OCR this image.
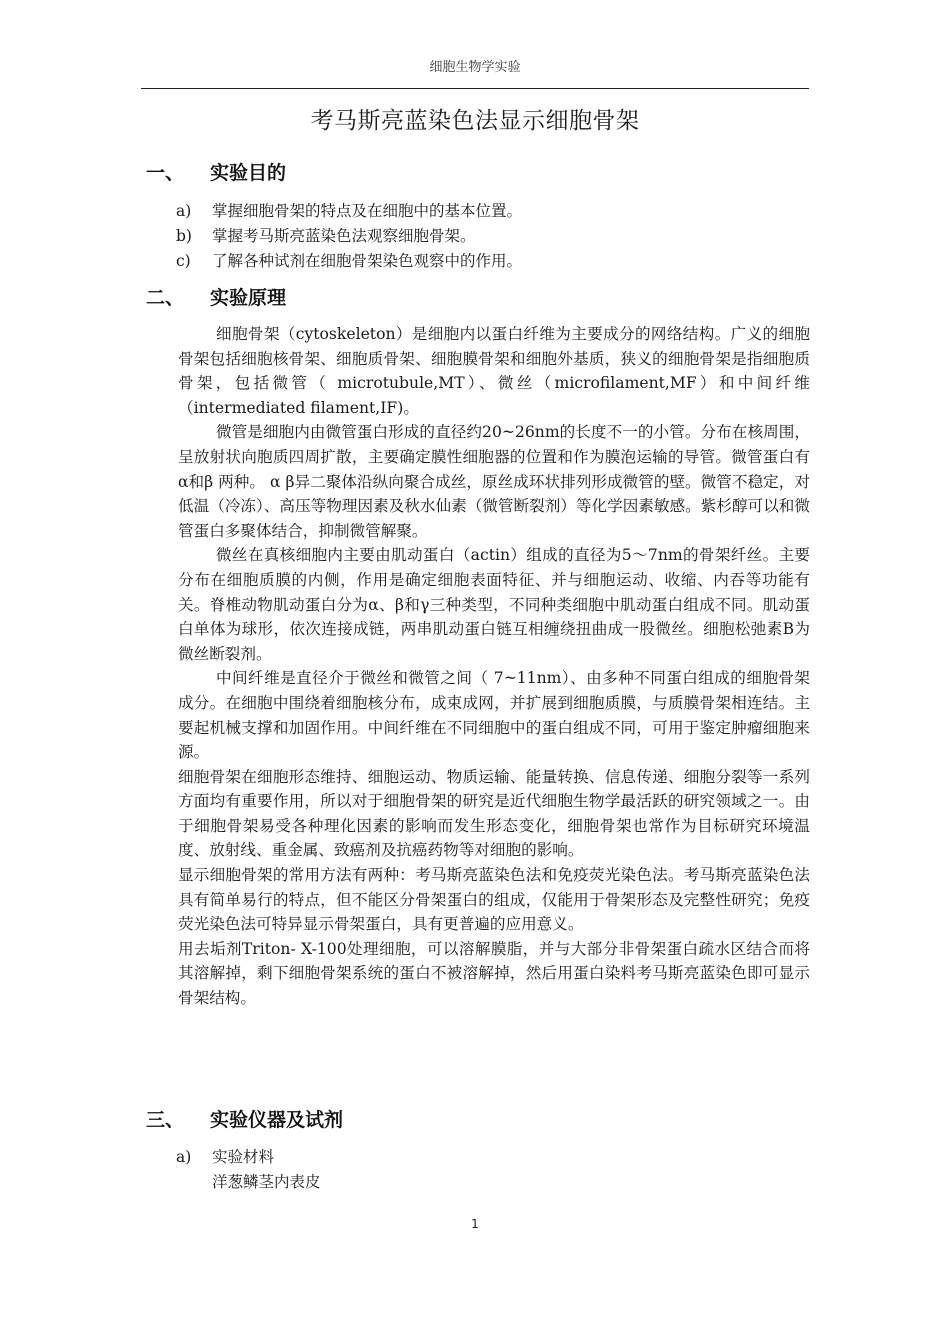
细胞生物学实验
考马斯亮蓝染色法显示细胞骨架
一、 实验目的
a) 掌握细胞骨架的特点及在细胞中的基本位置。
b) 掌握考马斯亮蓝染色法观察细胞骨架。
c) 了解各种试剂在细胞骨架染色观察中的作用。
二、 实验原理

细胞骨架（cytoskeleton）是细胞内以蛋白纤维为主要成分的网络结构。广义的细胞骨架包括细胞核骨架、细胞质骨架、细胞膜骨架和细胞外基质，狭义的细胞骨架是指细胞质骨架，包括微管（ microtubule,MT）、微丝（microfilament,MF）和中间纤维（intermediated filament,IF)。

微管是细胞内由微管蛋白形成的直径约20~26nm的长度不一的小管。分布在核周围，呈放射状向胞质四周扩散，主要确定膜性细胞器的位置和作为膜泡运输的导管。微管蛋白有α和β 两种。 α β异二聚体沿纵向聚合成丝，原丝成环状排列形成微管的壁。微管不稳定，对低温（冷冻）、高压等物理因素及秋水仙素（微管断裂剂）等化学因素敏感。紫杉醇可以和微管蛋白多聚体结合，抑制微管解聚。

微丝在真核细胞内主要由肌动蛋白（actin）组成的直径为5～7nm的骨架纤丝。主要分布在细胞质膜的内侧，作用是确定细胞表面特征、并与细胞运动、收缩、内吞等功能有关。脊椎动物肌动蛋白分为α、β和γ三种类型，不同种类细胞中肌动蛋白组成不同。肌动蛋白单体为球形，依次连接成链，两串肌动蛋白链互相缠绕扭曲成一股微丝。细胞松弛素B为微丝断裂剂。

中间纤维是直径介于微丝和微管之间（ 7~11nm）、由多种不同蛋白组成的细胞骨架成分。在细胞中围绕着细胞核分布，成束成网，并扩展到细胞质膜，与质膜骨架相连结。主要起机械支撑和加固作用。中间纤维在不同细胞中的蛋白组成不同，可用于鉴定肿瘤细胞来源。

细胞骨架在细胞形态维持、细胞运动、物质运输、能量转换、信息传递、细胞分裂等一系列方面均有重要作用，所以对于细胞骨架的研究是近代细胞生物学最活跃的研究领域之一。由于细胞骨架易受各种理化因素的影响而发生形态变化，细胞骨架也常作为目标研究环境温度、放射线、重金属、致癌剂及抗癌药物等对细胞的影响。

显示细胞骨架的常用方法有两种：考马斯亮蓝染色法和免疫荧光染色法。考马斯亮蓝染色法具有简单易行的特点，但不能区分骨架蛋白的组成，仅能用于骨架形态及完整性研究；免疫荧光染色法可特异显示骨架蛋白，具有更普遍的应用意义。

用去垢剂Triton- X-100处理细胞，可以溶解膜脂，并与大部分非骨架蛋白疏水区结合而将其溶解掉，剩下细胞骨架系统的蛋白不被溶解掉，然后用蛋白染料考马斯亮蓝染色即可显示骨架结构。

三、 实验仪器及试剂
a) 实验材料
洋葱鳞茎内表皮
1
